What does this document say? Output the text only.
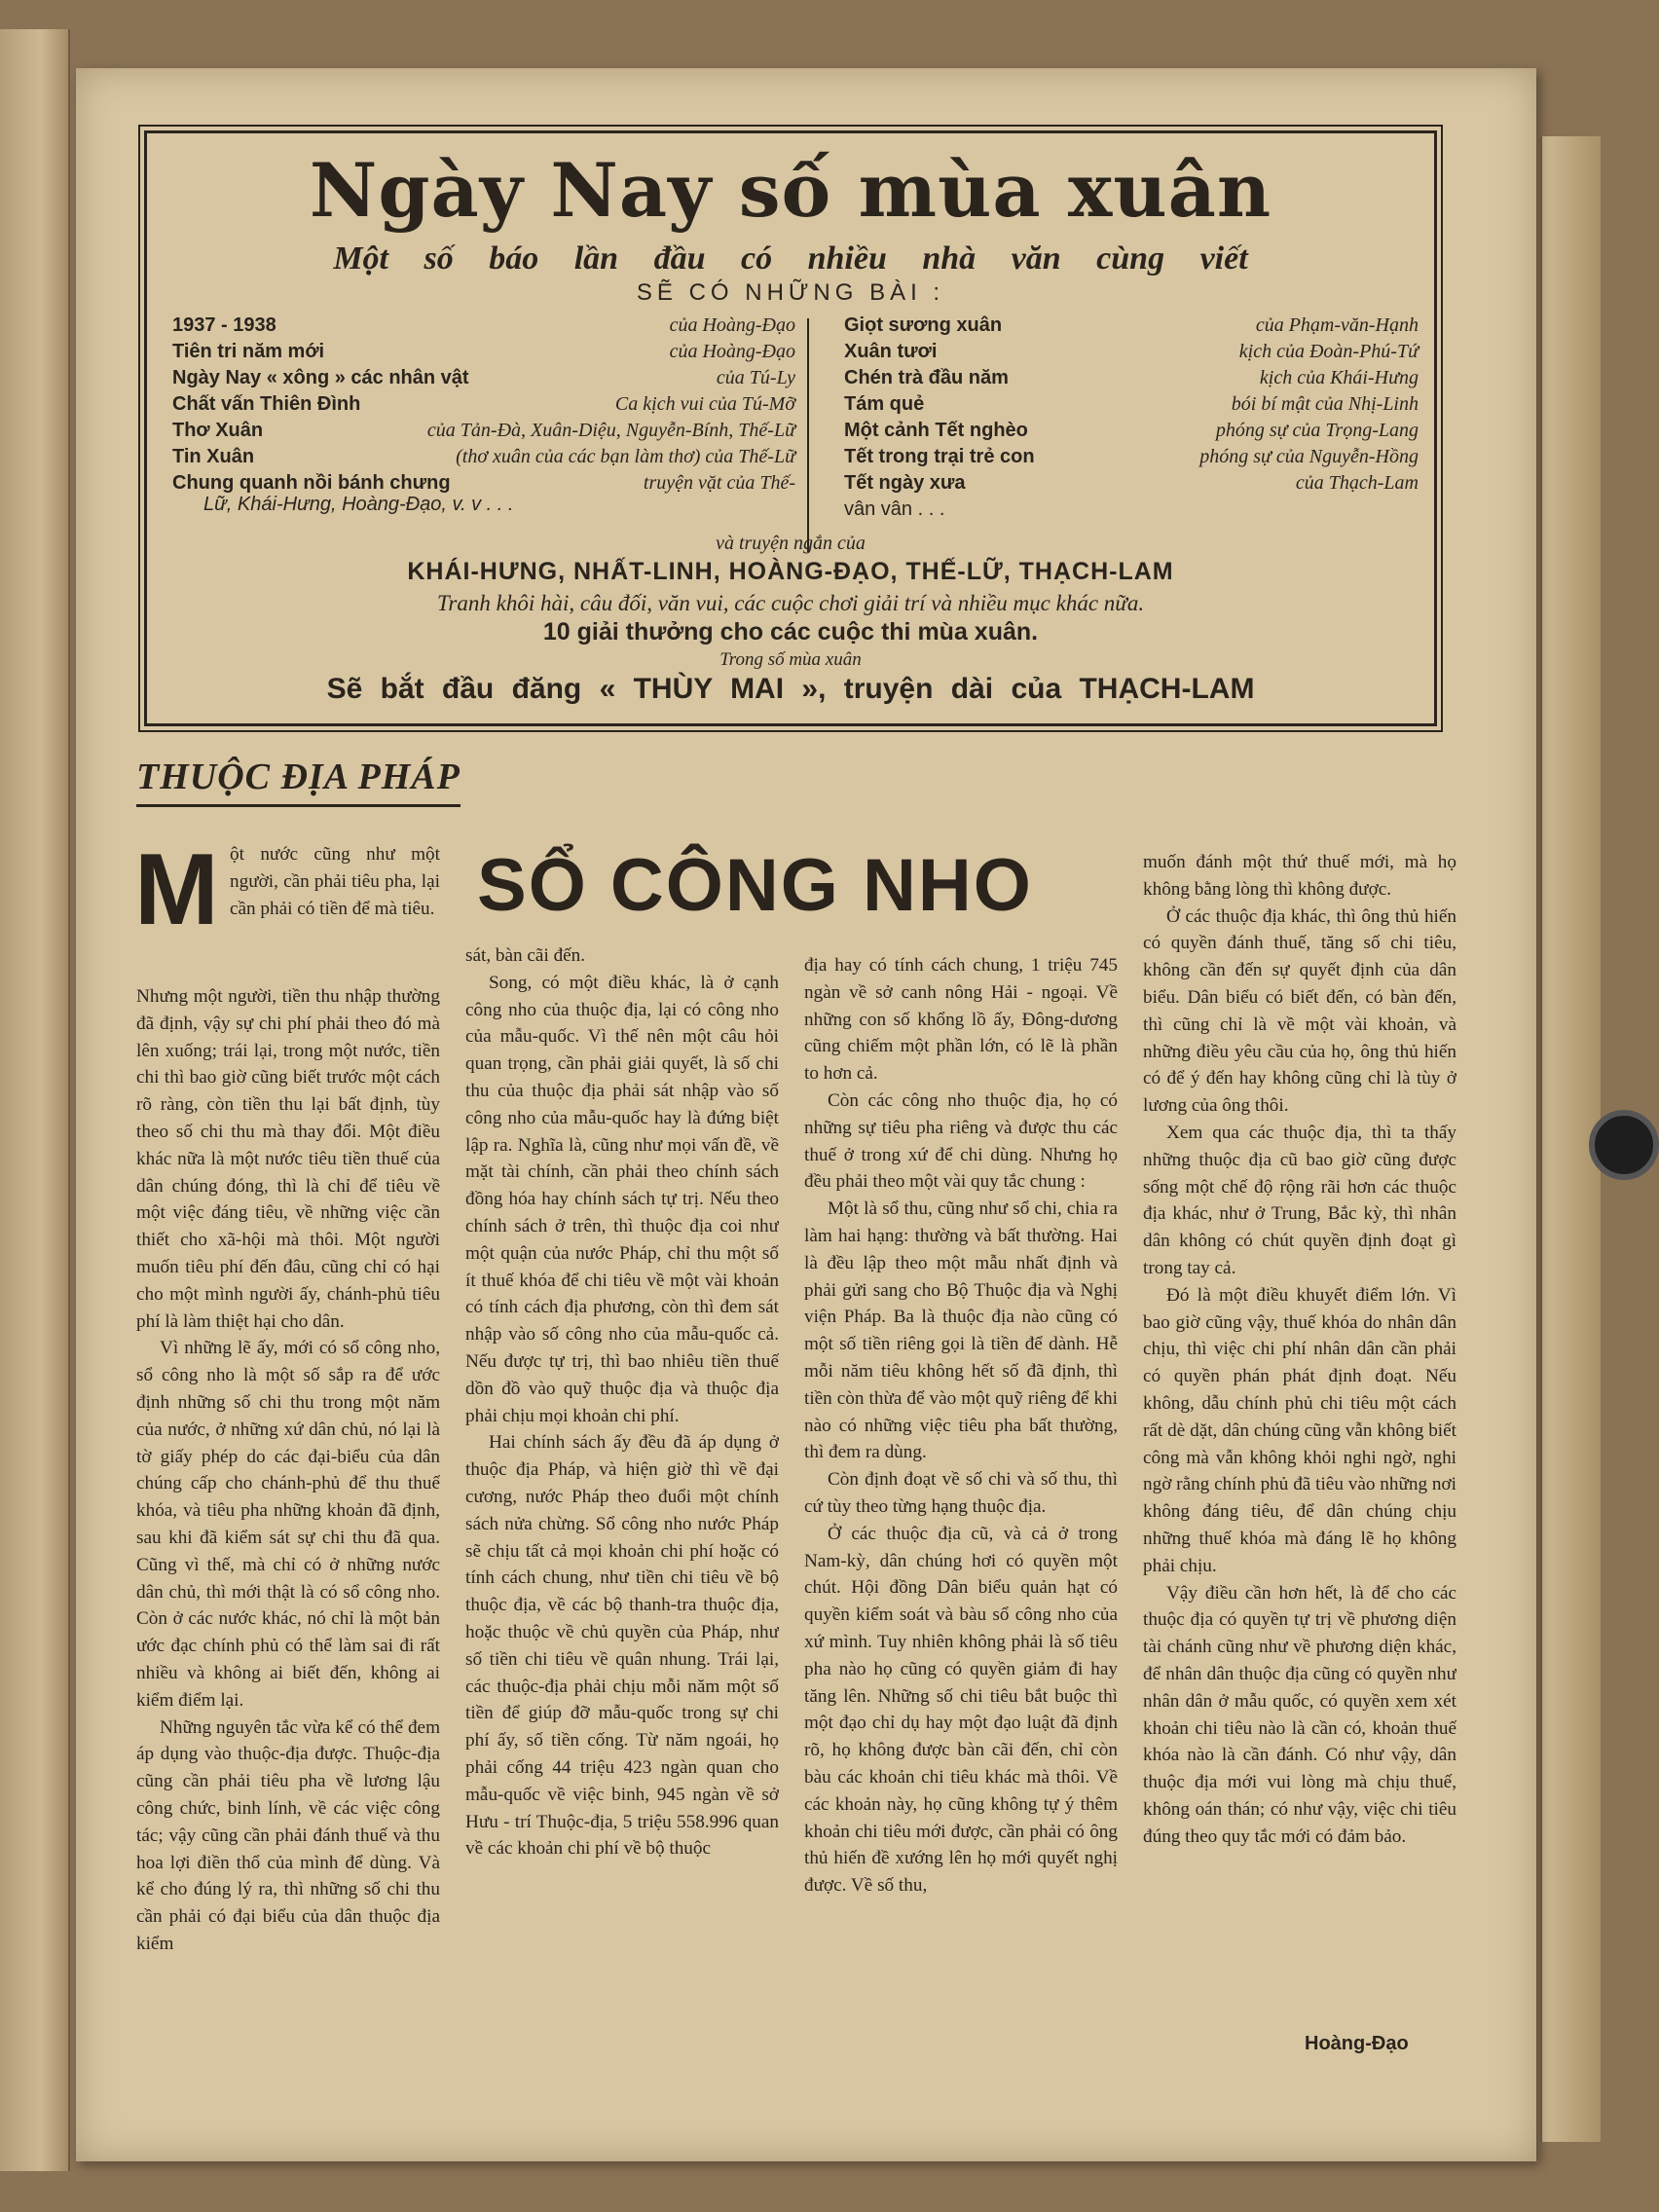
Ngày Nay số mùa xuân
Một số báo lần đầu có nhiều nhà văn cùng viết
SẼ CÓ NHỮNG BÀI :
1937 - 1938	của Hoàng-Đạo
Tiên tri năm mới	của Hoàng-Đạo
Ngày Nay « xông » các nhân vật	của Tú-Ly
Chất vấn Thiên Đình	Ca kịch vui của Tú-Mỡ
Thơ Xuân	của Tản-Đà, Xuân-Diệu, Nguyễn-Bính, Thế-Lữ
Tin Xuân	(thơ xuân của các bạn làm thơ) của Thế-Lữ
Chung quanh nồi bánh chưng	truyện vặt của Thế-
Lữ, Khái-Hưng, Hoàng-Đạo, v. v . . .
Giọt sương xuân	của Phạm-văn-Hạnh
Xuân tươi	kịch của Đoàn-Phú-Tứ
Chén trà đầu năm	kịch của Khái-Hưng
Tám quẻ	bói bí mật của Nhị-Linh
Một cảnh Tết nghèo	phóng sự của Trọng-Lang
Tết trong trại trẻ con	phóng sự của Nguyễn-Hồng
Tết ngày xưa	của Thạch-Lam
vân vân . . .
và truyện ngắn của
KHÁI-HƯNG, NHẤT-LINH, HOÀNG-ĐẠO, THẾ-LỮ, THẠCH-LAM
Tranh khôi hài, câu đối, văn vui, các cuộc chơi giải trí và nhiều mục khác nữa.
10 giải thưởng cho các cuộc thi mùa xuân.
Trong số mùa xuân
Sẽ bắt đầu đăng « THÙY MAI », truyện dài của THẠCH-LAM
THUỘC ĐỊA PHÁP
SỔ CÔNG NHO
M ột nước cũng như một người, cần phải tiêu pha, lại cần phải có tiền để mà tiêu.

Nhưng một người, tiền thu nhập thường đã định, vậy sự chi phí phải theo đó mà lên xuống; trái lại, trong một nước, tiền chi thì bao giờ cũng biết trước một cách rõ ràng, còn tiền thu lại bất định, tùy theo số chi thu mà thay đổi. Một điều khác nữa là một nước tiêu tiền thuế của dân chúng đóng, thì là chỉ để tiêu về một việc đáng tiêu, về những việc cần thiết cho xã-hội mà thôi. Một người muốn tiêu phí đến đâu, cũng chỉ có hại cho một mình người ấy, chánh-phủ tiêu phí là làm thiệt hại cho dân.

Vì những lẽ ấy, mới có sổ công nho, sổ công nho là một số sắp ra để ước định những số chi thu trong một năm của nước, ở những xứ dân chủ, nó lại là tờ giấy phép do các đại-biểu của dân chúng cấp cho chánh-phủ để thu thuế khóa, và tiêu pha những khoản đã định, sau khi đã kiểm sát sự chi thu đã qua. Cũng vì thế, mà chỉ có ở những nước dân chủ, thì mới thật là có sổ công nho. Còn ở các nước khác, nó chỉ là một bản ước đạc chính phủ có thể làm sai đi rất nhiều và không ai biết đến, không ai kiểm điểm lại.

Những nguyên tắc vừa kể có thể đem áp dụng vào thuộc-địa được. Thuộc-địa cũng cần phải tiêu pha về lương lậu công chức, binh lính, về các việc công tác; vậy cũng cần phải đánh thuế và thu hoa lợi điền thổ của mình để dùng. Và kể cho đúng lý ra, thì những số chi thu cần phải có đại biểu của dân thuộc địa kiểm

sát, bàn cãi đến.

Song, có một điều khác, là ở cạnh công nho của thuộc địa, lại có công nho của mẫu-quốc. Vì thế nên một câu hỏi quan trọng, cần phải giải quyết, là số chi thu của thuộc địa phải sát nhập vào số công nho của mẫu-quốc hay là đứng biệt lập ra. Nghĩa là, cũng như mọi vấn đề, về mặt tài chính, cần phải theo chính sách đồng hóa hay chính sách tự trị. Nếu theo chính sách ở trên, thì thuộc địa coi như một quận của nước Pháp, chỉ thu một số ít thuế khóa để chi tiêu về một vài khoản có tính cách địa phương, còn thì đem sát nhập vào số công nho của mẫu-quốc cả. Nếu được tự trị, thì bao nhiêu tiền thuế dồn đồ vào quỹ thuộc địa và thuộc địa phải chịu mọi khoản chi phí.

Hai chính sách ấy đều đã áp dụng ở thuộc địa Pháp, và hiện giờ thì về đại cương, nước Pháp theo đuổi một chính sách nửa chừng. Sổ công nho nước Pháp sẽ chịu tất cả mọi khoản chi phí hoặc có tính cách chung, như tiền chi tiêu về bộ thuộc địa, về các bộ thanh-tra thuộc địa, hoặc thuộc về chủ quyền của Pháp, như số tiền chi tiêu về quân nhung. Trái lại, các thuộc-địa phải chịu mỗi năm một số tiền để giúp đỡ mẫu-quốc trong sự chi phí ấy, số tiền cống. Từ năm ngoái, họ phải cống 44 triệu 423 ngàn quan cho mẫu-quốc về việc binh, 945 ngàn về sở Hưu - trí Thuộc-địa, 5 triệu 558.996 quan về các khoản chi phí về bộ thuộc

địa hay có tính cách chung, 1 triệu 745 ngàn về sở canh nông Hải - ngoại. Về những con số khổng lồ ấy, Đông-dương cũng chiếm một phần lớn, có lẽ là phần to hơn cả.

Còn các công nho thuộc địa, họ có những sự tiêu pha riêng và được thu các thuế ở trong xứ để chi dùng. Nhưng họ đều phải theo một vài quy tắc chung :

Một là sổ thu, cũng như sổ chi, chia ra làm hai hạng: thường và bất thường. Hai là đều lập theo một mẫu nhất định và phải gửi sang cho Bộ Thuộc địa và Nghị viện Pháp. Ba là thuộc địa nào cũng có một số tiền riêng gọi là tiền để dành. Hễ mỗi năm tiêu không hết số đã định, thì tiền còn thừa để vào một quỹ riêng để khi nào có những việc tiêu pha bất thường, thì đem ra dùng.

Còn định đoạt về số chi và số thu, thì cứ tùy theo từng hạng thuộc địa.

Ở các thuộc địa cũ, và cả ở trong Nam-kỳ, dân chúng hơi có quyền một chút. Hội đồng Dân biểu quản hạt có quyền kiểm soát và bàu sổ công nho của xứ mình. Tuy nhiên không phải là số tiêu pha nào họ cũng có quyền giảm đi hay tăng lên. Những số chi tiêu bắt buộc thì một đạo chỉ dụ hay một đạo luật đã định rõ, họ không được bàn cãi đến, chỉ còn bàu các khoản chi tiêu khác mà thôi. Về các khoản này, họ cũng không tự ý thêm khoản chi tiêu mới được, cần phải có ông thủ hiến đề xướng lên họ mới quyết nghị được. Về số thu,

muốn đánh một thứ thuế mới, mà họ không bằng lòng thì không được.

Ở các thuộc địa khác, thì ông thủ hiến có quyền đánh thuế, tăng số chi tiêu, không cần đến sự quyết định của dân biểu. Dân biểu có biết đến, có bàn đến, thì cũng chỉ là về một vài khoản, và những điều yêu cầu của họ, ông thủ hiến có để ý đến hay không cũng chỉ là tùy ở lương của ông thôi.

Xem qua các thuộc địa, thì ta thấy những thuộc địa cũ bao giờ cũng được sống một chế độ rộng rãi hơn các thuộc địa khác, như ở Trung, Bắc kỳ, thì nhân dân không có chút quyền định đoạt gì trong tay cả.

Đó là một điều khuyết điểm lớn. Vì bao giờ cũng vậy, thuế khóa do nhân dân chịu, thì việc chi phí nhân dân cần phải có quyền phán phát định đoạt. Nếu không, dẫu chính phủ chi tiêu một cách rất dè dặt, dân chúng cũng vẫn không biết công mà vẫn không khỏi nghi ngờ, nghi ngờ rằng chính phủ đã tiêu vào những nơi không đáng tiêu, để dân chúng chịu những thuế khóa mà đáng lẽ họ không phải chịu.

Vậy điều cần hơn hết, là để cho các thuộc địa có quyền tự trị về phương diện tài chánh cũng như về phương diện khác, để nhân dân thuộc địa cũng có quyền như nhân dân ở mẫu quốc, có quyền xem xét khoản chi tiêu nào là cần có, khoản thuế khóa nào là cần đánh. Có như vậy, dân thuộc địa mới vui lòng mà chịu thuế, không oán thán; có như vậy, việc chi tiêu đúng theo quy tắc mới có đảm bảo.

Hoàng-Đạo
